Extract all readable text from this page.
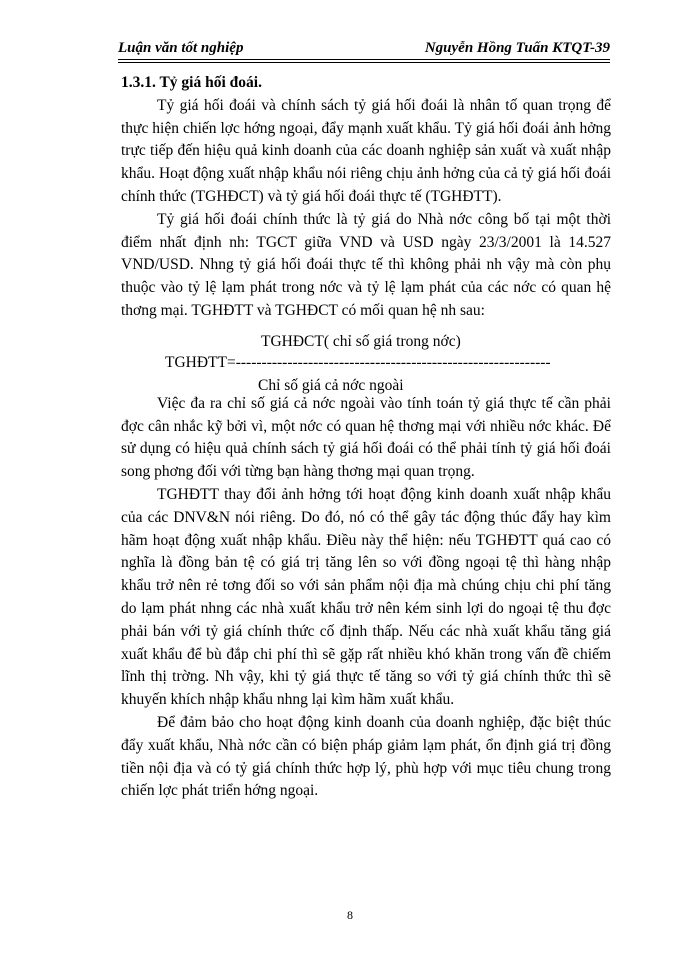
Luận văn tốt nghiệp	Nguyễn Hồng Tuấn KTQT-39

1.3.1. Tỷ giá hối đoái.

Tỷ giá hối đoái và chính sách tỷ giá hối đoái là nhân tố quan trọng để thực hiện chiến lợc hớng ngoại, đẩy mạnh xuất khẩu. Tỷ giá hối đoái ảnh hởng trực tiếp đến hiệu quả kinh doanh của các doanh nghiệp sản xuất và xuất nhập khẩu. Hoạt động xuất nhập khẩu nói riêng chịu ảnh hởng của cả tỷ giá hối đoái chính thức (TGHĐCT) và tỷ giá hối đoái thực tế (TGHĐTT).

Tỷ giá hối đoái chính thức là tỷ giá do Nhà nớc công bố tại một thời điểm nhất định nh: TGCT giữa VND và USD ngày 23/3/2001 là 14.527 VND/USD. Nhng tỷ giá hối đoái thực tế thì không phải nh vậy mà còn phụ thuộc vào tỷ lệ lạm phát trong nớc và tỷ lệ lạm phát của các nớc có quan hệ thơng mại. TGHĐTT và TGHĐCT có mối quan hệ nh sau:

TGHĐCT( chỉ số giá trong nớc)
TGHĐTT=-------------------------------------------------------------
Chỉ số giá cả nớc ngoài

Việc đa ra chỉ số giá cả nớc ngoài vào tính toán tỷ giá thực tế cần phải đợc cân nhắc kỹ bởi vì, một nớc có quan hệ thơng mại với nhiều nớc khác. Để sử dụng có hiệu quả chính sách tỷ giá hối đoái có thể phải tính tỷ giá hối đoái song phơng đối với từng bạn hàng thơng mại quan trọng.

TGHĐTT thay đổi ảnh hởng tới hoạt động kinh doanh xuất nhập khẩu của các DNV&N nói riêng. Do đó, nó có thể gây tác động thúc đẩy hay kìm hãm hoạt động xuất nhập khẩu. Điều này thể hiện: nếu TGHĐTT quá cao có nghĩa là đồng bản tệ có giá trị tăng lên so với đồng ngoại tệ thì hàng nhập khẩu trở nên rẻ tơng đối so với sản phẩm nội địa mà chúng chịu chi phí tăng do lạm phát nhng các nhà xuất khẩu trở nên kém sinh lợi do ngoại tệ thu đợc phải bán với tỷ giá chính thức cố định thấp. Nếu các nhà xuất khẩu tăng giá xuất khẩu để bù đắp chi phí thì sẽ gặp rất nhiều khó khăn trong vấn đề chiếm lĩnh thị trờng. Nh vậy, khi tỷ giá thực tế tăng so với tỷ giá chính thức thì sẽ khuyến khích nhập khẩu nhng lại kìm hãm xuất khẩu.

Để đảm bảo cho hoạt động kinh doanh của doanh nghiệp, đặc biệt thúc đẩy xuất khẩu, Nhà nớc cần có biện pháp giảm lạm phát, ổn định giá trị đồng tiền nội địa và có tỷ giá chính thức hợp lý, phù hợp với mục tiêu chung trong chiến lợc phát triển hớng ngoại.

8
